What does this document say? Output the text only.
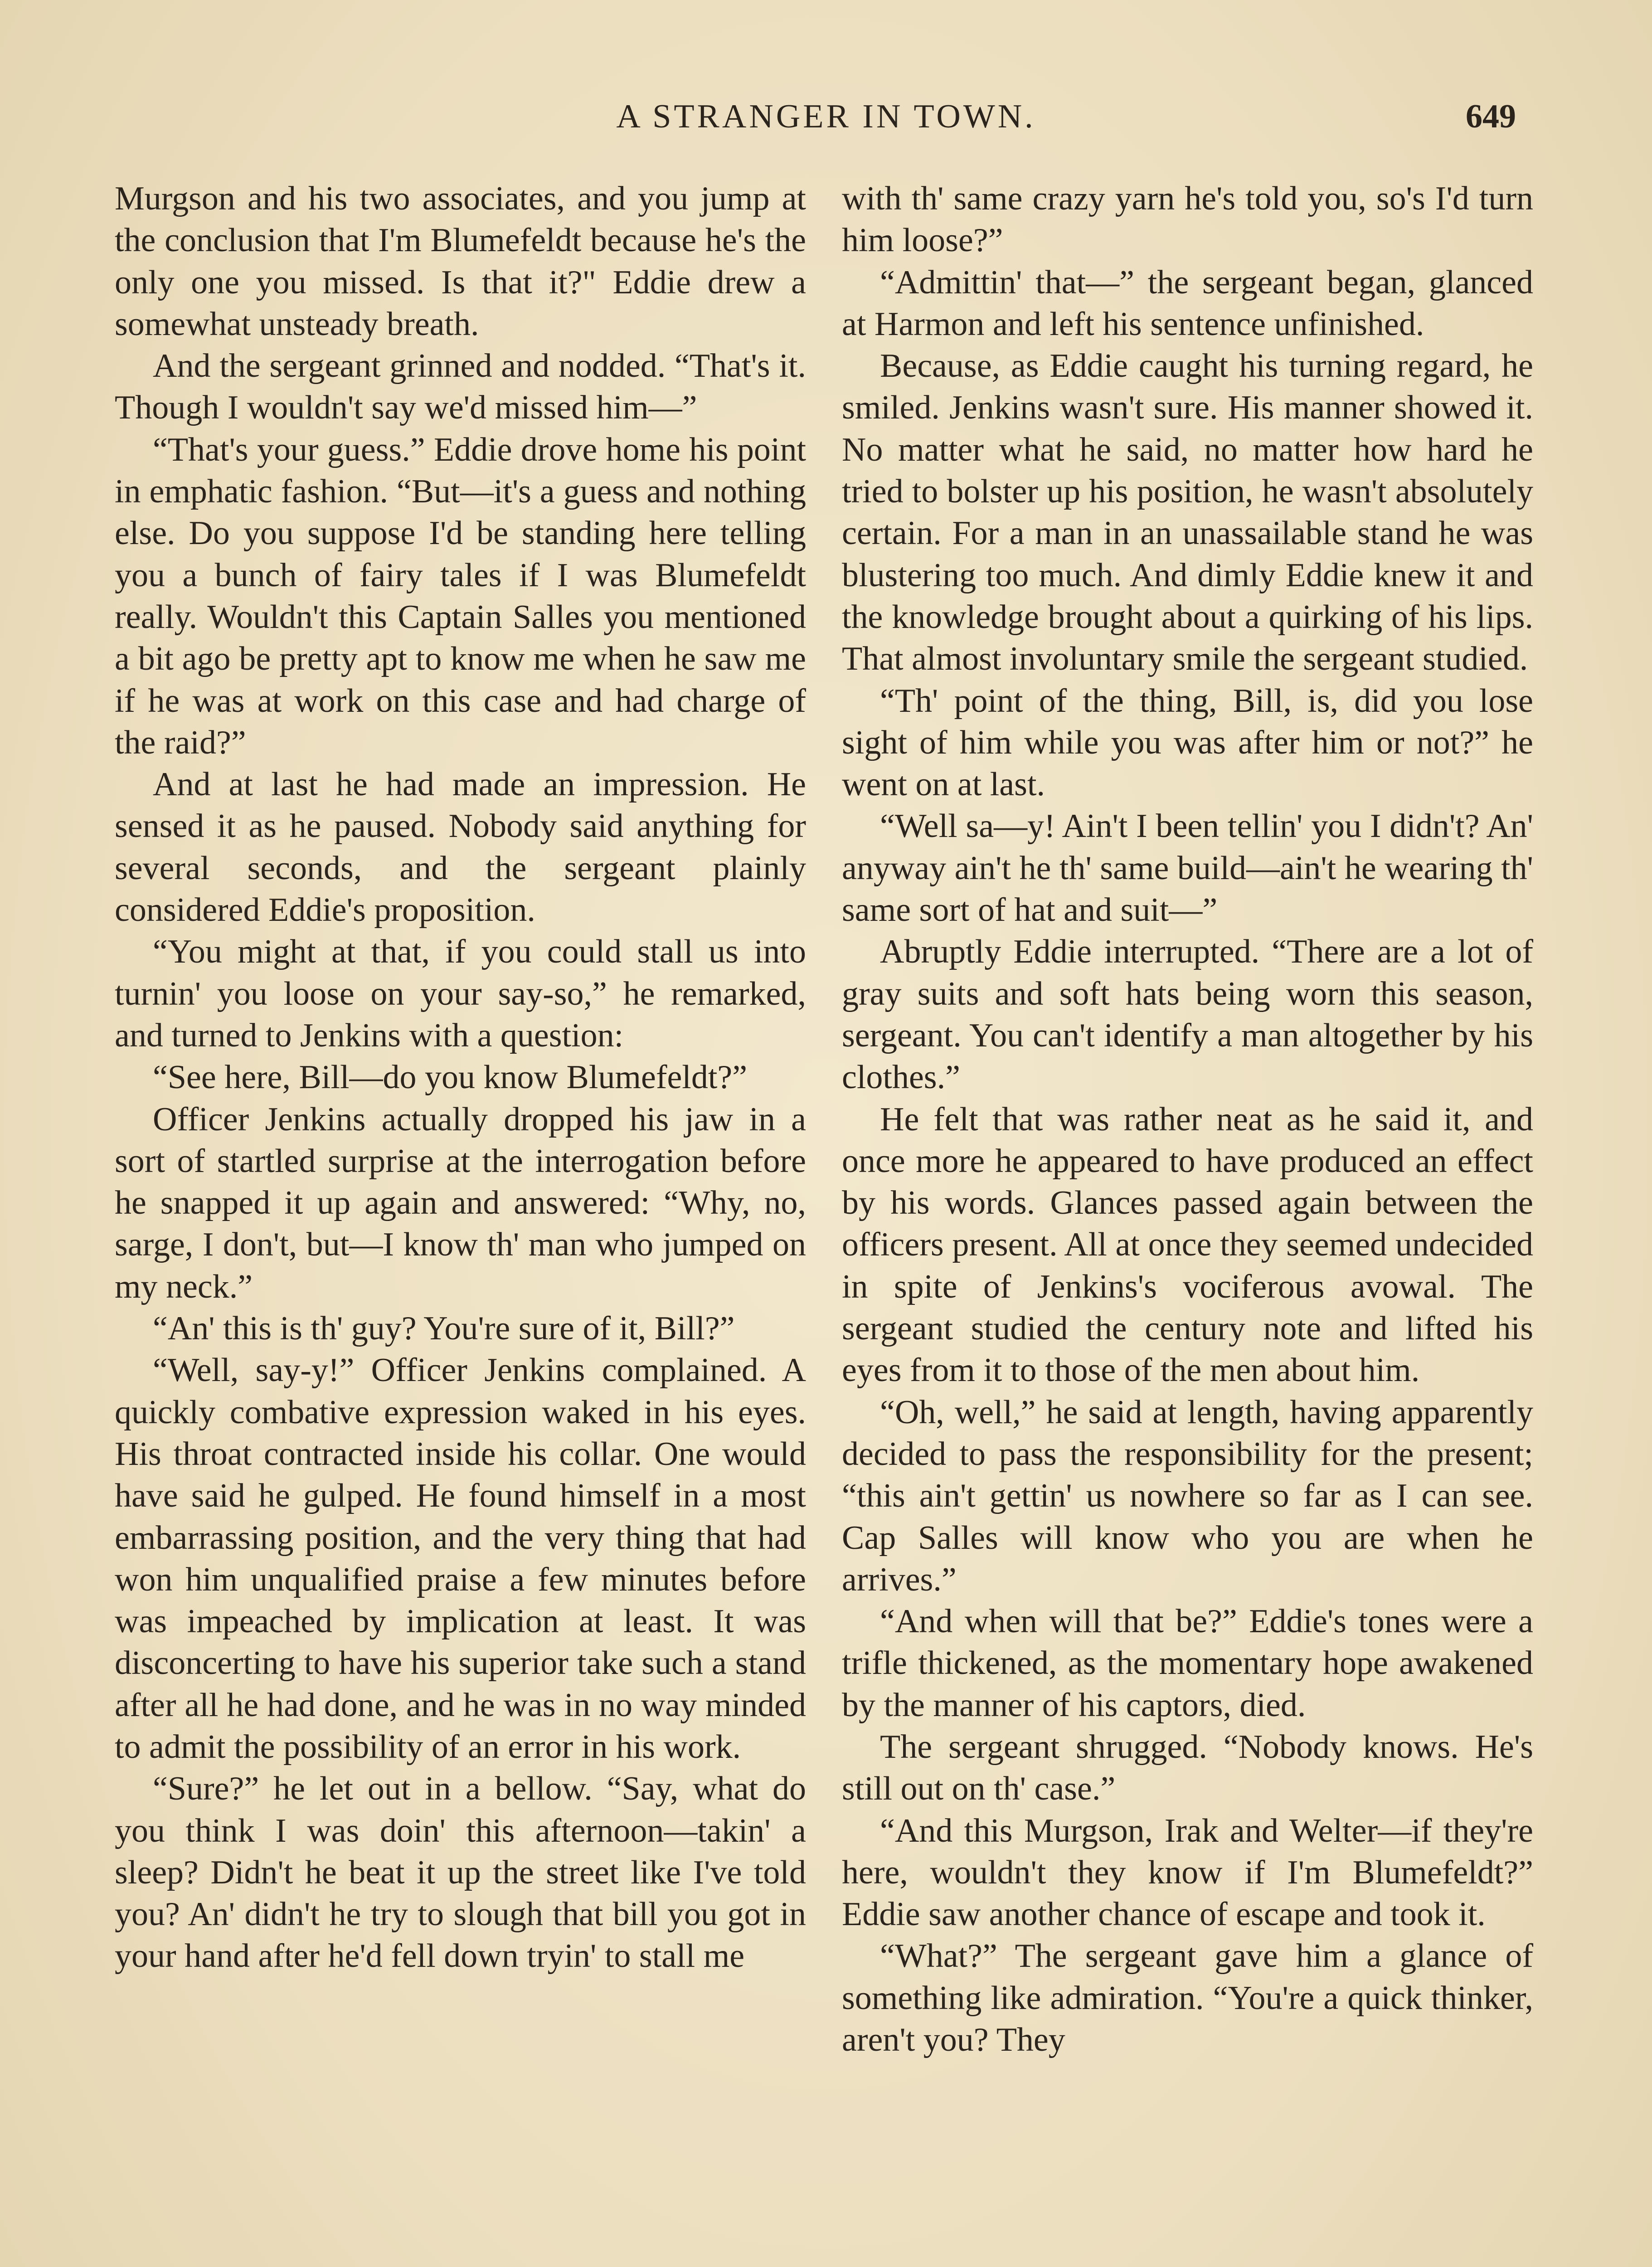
A STRANGER IN TOWN.	649

Murgson and his two associates, and you jump at the conclusion that I'm Blumefeldt because he's the only one you missed. Is that it?" Eddie drew a somewhat unsteady breath.

And the sergeant grinned and nodded. “That's it. Though I wouldn't say we'd missed him—”

“That's your guess.” Eddie drove home his point in emphatic fashion. “But—it's a guess and nothing else. Do you suppose I'd be standing here telling you a bunch of fairy tales if I was Blumefeldt really. Wouldn't this Captain Salles you mentioned a bit ago be pretty apt to know me when he saw me if he was at work on this case and had charge of the raid?”

And at last he had made an impression. He sensed it as he paused. Nobody said anything for several seconds, and the sergeant plainly considered Eddie's proposition.

“You might at that, if you could stall us into turnin' you loose on your say-so,” he remarked, and turned to Jenkins with a question:

“See here, Bill—do you know Blumefeldt?”

Officer Jenkins actually dropped his jaw in a sort of startled surprise at the interrogation before he snapped it up again and answered: “Why, no, sarge, I don't, but—I know th' man who jumped on my neck.”

“An' this is th' guy? You're sure of it, Bill?”

“Well, say-y!” Officer Jenkins complained. A quickly combative expression waked in his eyes. His throat contracted inside his collar. One would have said he gulped. He found himself in a most embarrassing position, and the very thing that had won him unqualified praise a few minutes before was impeached by implication at least. It was disconcerting to have his superior take such a stand after all he had done, and he was in no way minded to admit the possibility of an error in his work.

“Sure?” he let out in a bellow. “Say, what do you think I was doin' this afternoon—takin' a sleep? Didn't he beat it up the street like I've told you? An' didn't he try to slough that bill you got in your hand after he'd fell down tryin' to stall me

with th' same crazy yarn he's told you, so's I'd turn him loose?”

“Admittin' that—” the sergeant began, glanced at Harmon and left his sentence unfinished.

Because, as Eddie caught his turning regard, he smiled. Jenkins wasn't sure. His manner showed it. No matter what he said, no matter how hard he tried to bolster up his position, he wasn't absolutely certain. For a man in an unassailable stand he was blustering too much. And dimly Eddie knew it and the knowledge brought about a quirking of his lips. That almost involuntary smile the sergeant studied.

“Th' point of the thing, Bill, is, did you lose sight of him while you was after him or not?” he went on at last.

“Well sa—y! Ain't I been tellin' you I didn't? An' anyway ain't he th' same build—ain't he wearing th' same sort of hat and suit—”

Abruptly Eddie interrupted. “There are a lot of gray suits and soft hats being worn this season, sergeant. You can't identify a man altogether by his clothes.”

He felt that was rather neat as he said it, and once more he appeared to have produced an effect by his words. Glances passed again between the officers present. All at once they seemed undecided in spite of Jenkins's vociferous avowal. The sergeant studied the century note and lifted his eyes from it to those of the men about him.

“Oh, well,” he said at length, having apparently decided to pass the responsibility for the present; “this ain't gettin' us nowhere so far as I can see. Cap Salles will know who you are when he arrives.”

“And when will that be?” Eddie's tones were a trifle thickened, as the momentary hope awakened by the manner of his captors, died.

The sergeant shrugged. “Nobody knows. He's still out on th' case.”

“And this Murgson, Irak and Welter—if they're here, wouldn't they know if I'm Blumefeldt?” Eddie saw another chance of escape and took it.

“What?” The sergeant gave him a glance of something like admiration. “You're a quick thinker, aren't you? They
